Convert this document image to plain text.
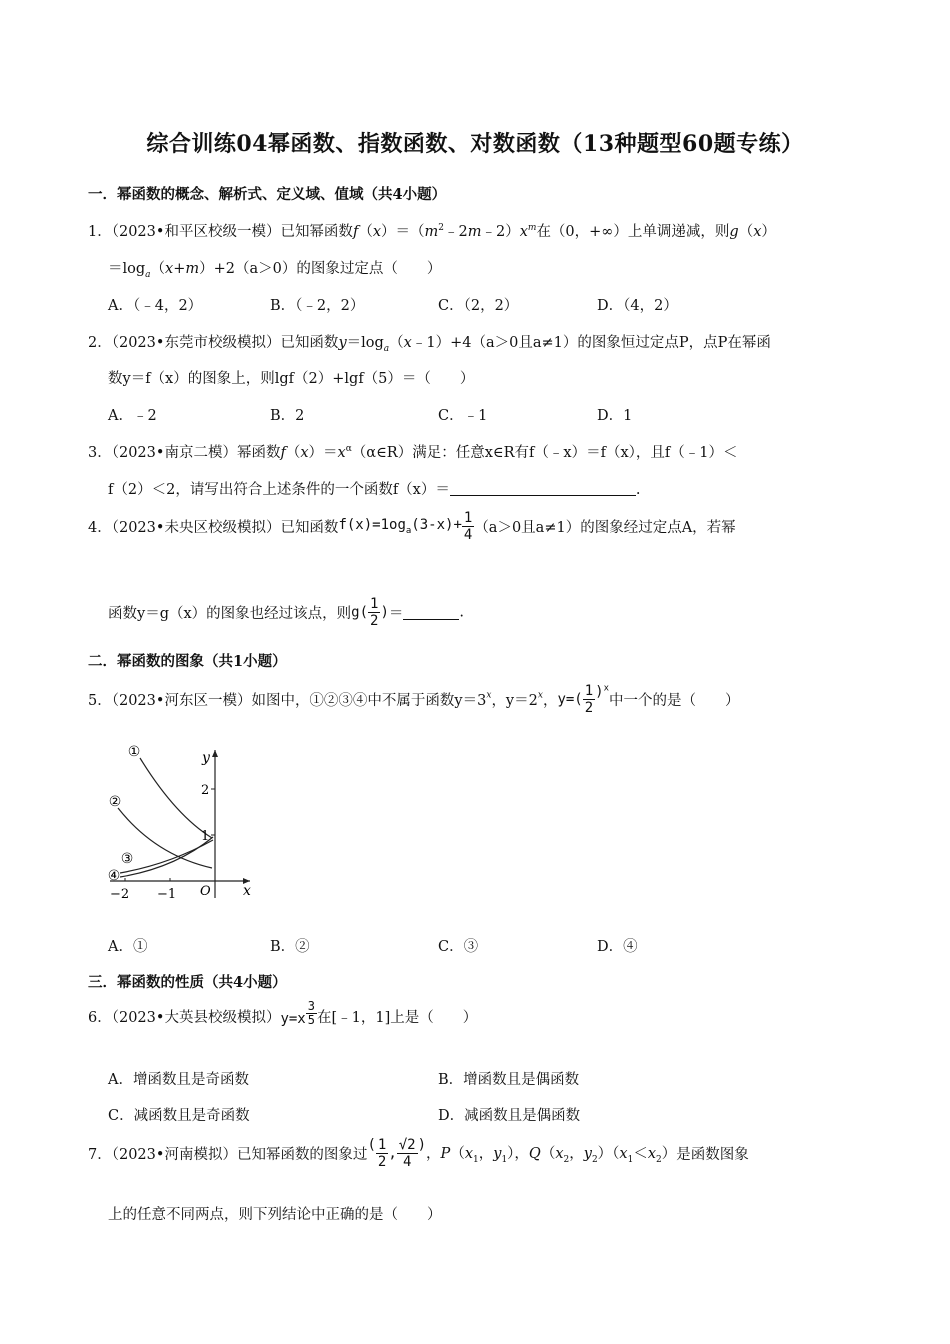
综合训练04幂函数、指数函数、对数函数（13种题型60题专练）
一．幂函数的概念、解析式、定义域、值域（共4小题）
1．（2023•和平区校级一模）已知幂函数$f(x)=(m^2﹣2m﹣2)x^m$在（0，+∞）上单调递减，则g（x）
$=\log_a(x+m)+2(a>0)$的图象过定点（　　）
A．（﹣4，2）	B．（﹣2，2）	C．（2，2）	D．（4，2）
2．（2023•东莞市校级模拟）已知函数$y=\log_a(x﹣1)+4(a>0$且a≠1）的图象恒过定点P，点P在幂函
数y＝f（x）的图象上，则lgf（2）+lgf（5）＝（　　）
A．﹣2	B．2	C．﹣1	D．1
3．（2023•南京二模）幂函数$f(x)=x^\alpha(\alpha\in R)$满足：任意x∈R有f（﹣x）＝f（x），且f（﹣1）＜
f（2）＜2，请写出符合上述条件的一个函数f（x）＝	.
4．（2023•未央区校级模拟）已知函数$f(x)=1og_a(3-x)+ \frac{1}{4} (a>0$且a≠1）的图象经过定点A，若幂
函数y＝g（x）的图象也经过该点，则$g( \frac{1}{2}$ )＝	.
二．幂函数的图象（共1小题）
5．（2023•河东区一模）如图中，①②③④中不属于函数$y=3^x$，$y=2^x$，$y=( \frac{1}{2} )^x$中一个的是（　　）
①
②
③
④
y
x
O
2
1
−2 −1
A．①	B．②	C．③	D．④
三．幂函数的性质（共4小题）
6．（2023•大英县校级模拟）$y=x \frac{3}{5}$ 在[﹣1，1]上是（　　）
A．增函数且是奇函数	B．增函数且是偶函数
C．减函数且是奇函数	D．减函数且是偶函数
7．（2023•河南模拟）已知幂函数的图象过( $\frac{1}{2}$ , $\frac{√2}{4}$ )，$P(x_1$，$y_1$），$Q(x_2$，$y_2)(x_1<x_2)$是函数图象
上的任意不同两点，则下列结论中正确的是（　　）
